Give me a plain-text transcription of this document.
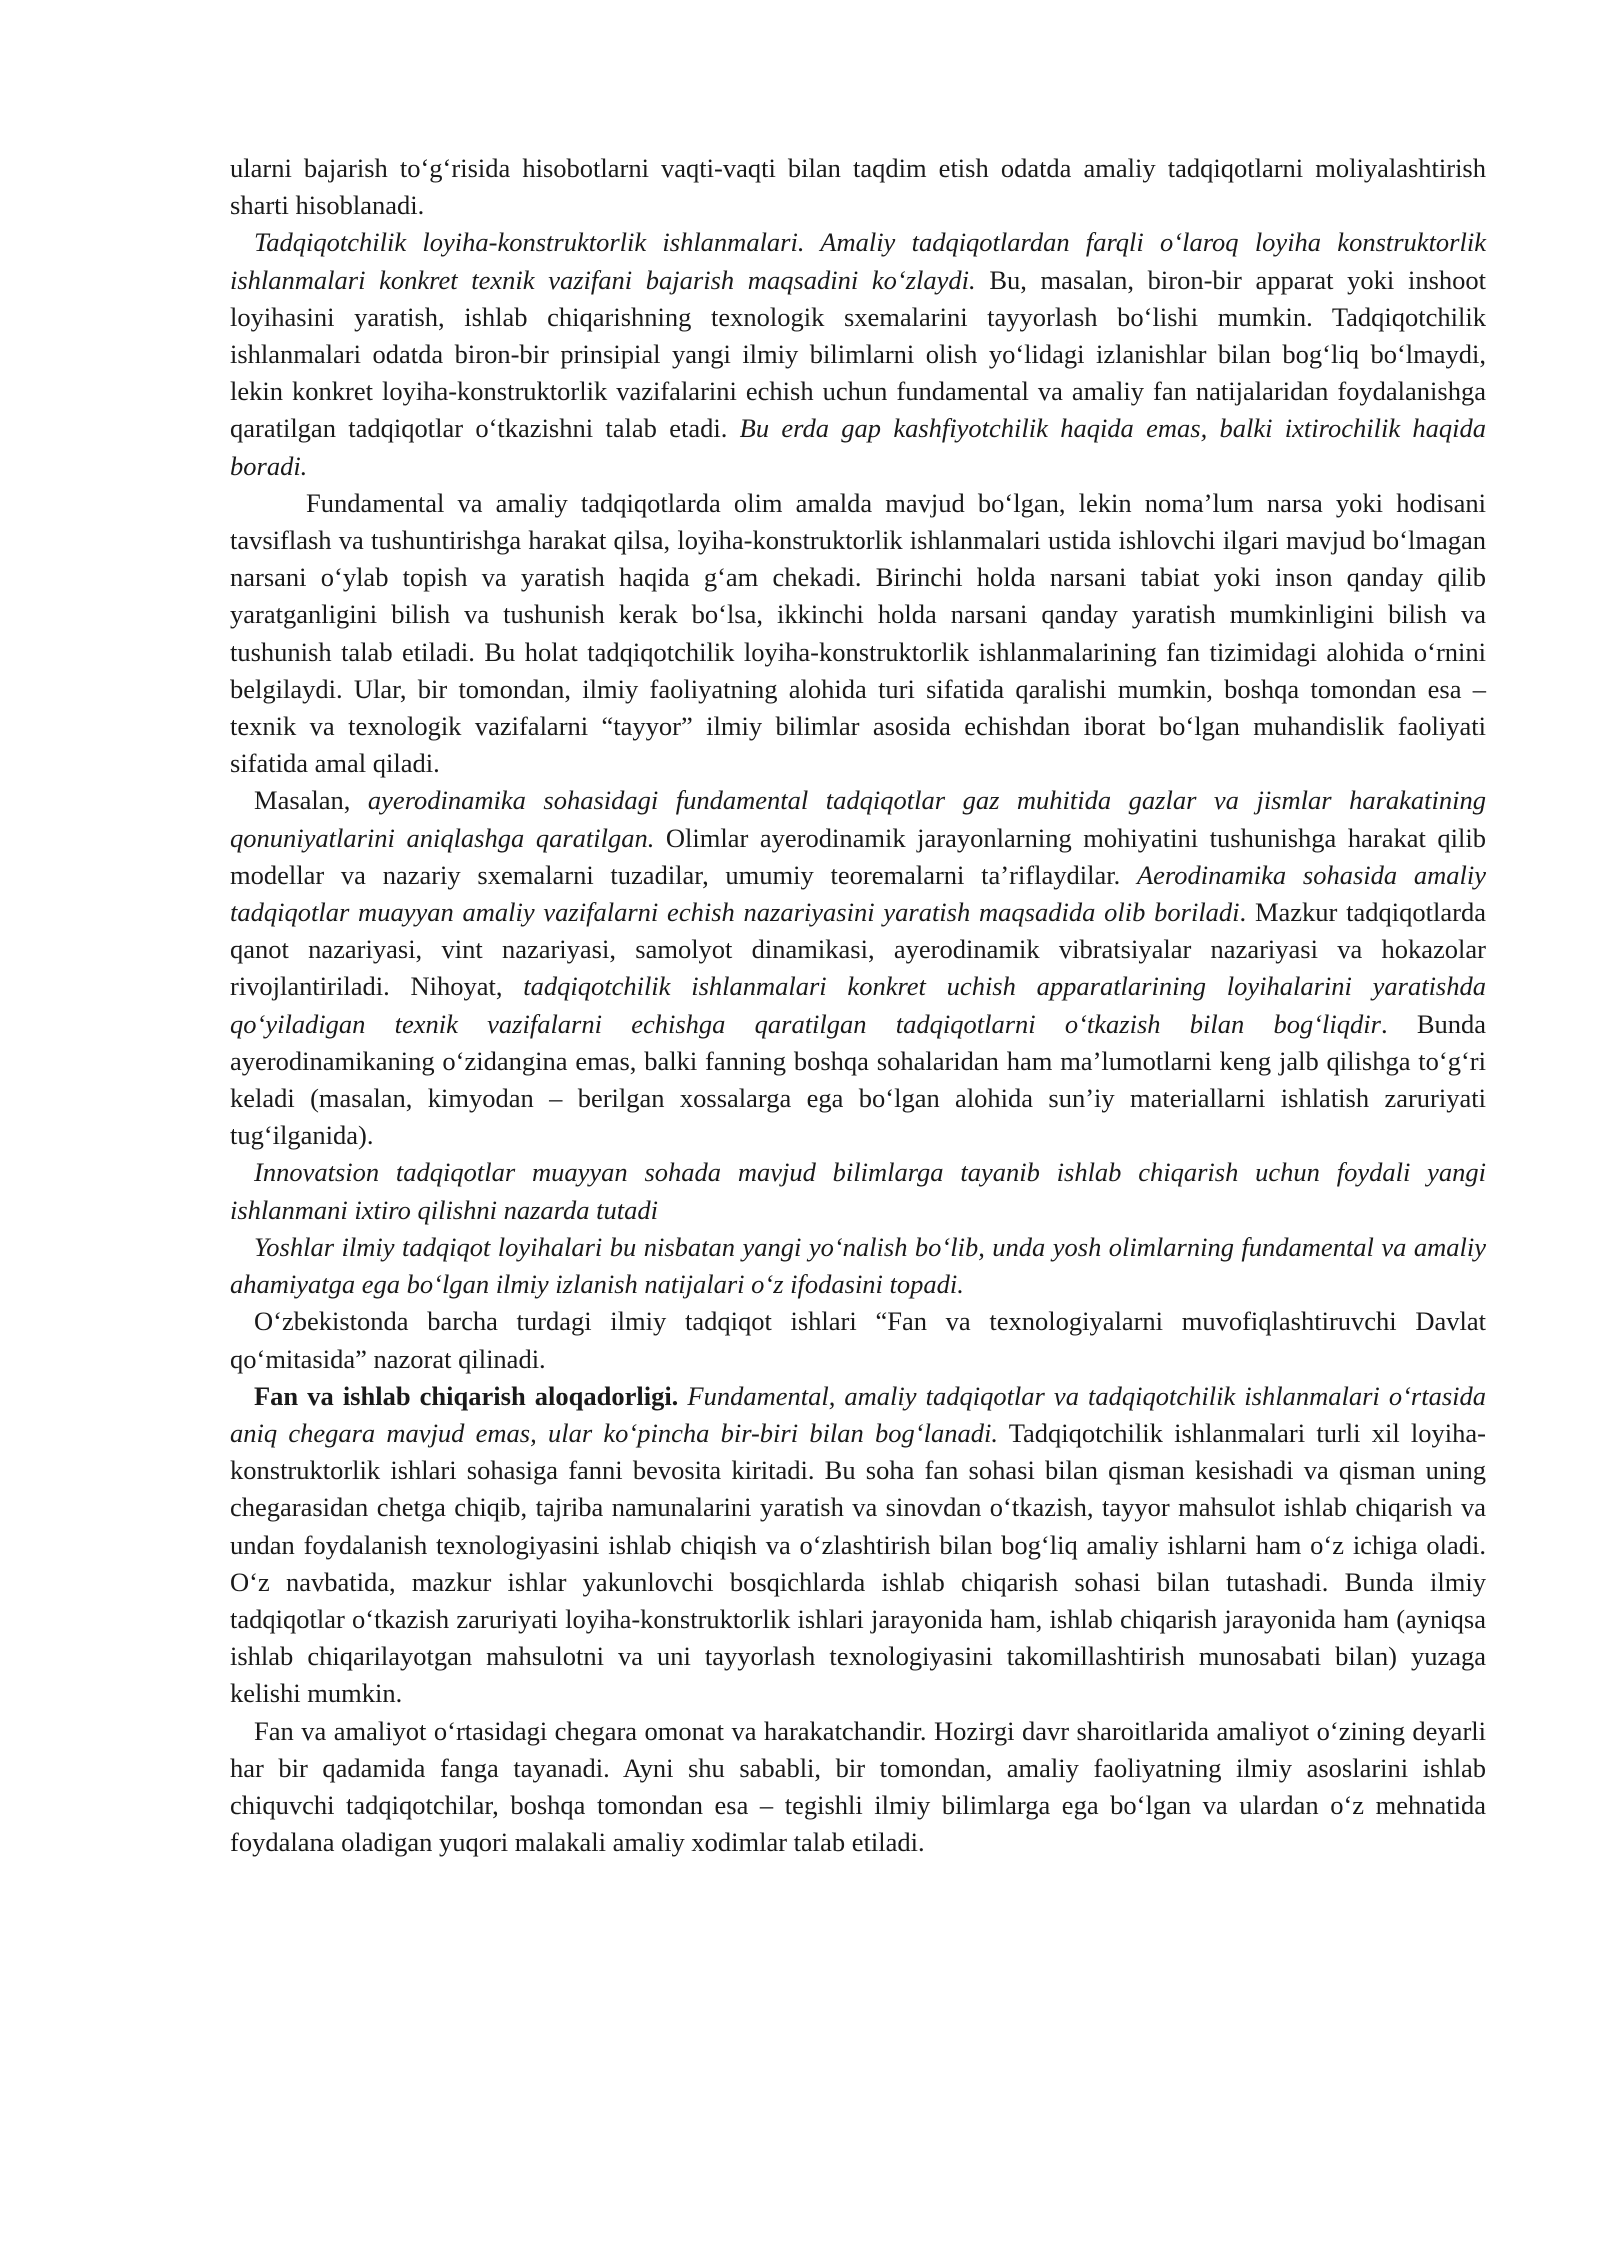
ularni bajarish to‘g‘risida hisobotlarni vaqti-vaqti bilan taqdim etish odatda amaliy tadqiqotlarni moliyalashtirish sharti hisoblanadi.

Tadqiqotchilik loyiha-konstruktorlik ishlanmalari. Amaliy tadqiqotlardan farqli o‘laroq loyiha konstruktorlik ishlanmalari konkret texnik vazifani bajarish maqsadini ko‘zlaydi. Bu, masalan, biron-bir apparat yoki inshoot loyihasini yaratish, ishlab chiqarishning texnologik sxemalarini tayyorlash bo‘lishi mumkin. Tadqiqotchilik ishlanmalari odatda biron-bir prinsipial yangi ilmiy bilimlarni olish yo‘lidagi izlanishlar bilan bog‘liq bo‘lmaydi, lekin konkret loyiha-konstruktorlik vazifalarini echish uchun fundamental va amaliy fan natijalaridan foydalanishga qaratilgan tadqiqotlar o‘tkazishni talab etadi. Bu erda gap kashfiyotchilik haqida emas, balki ixtirochilik haqida boradi.

Fundamental va amaliy tadqiqotlarda olim amalda mavjud bo‘lgan, lekin noma’lum narsa yoki hodisani tavsiflash va tushuntirishga harakat qilsa, loyiha-konstruktorlik ishlanmalari ustida ishlovchi ilgari mavjud bo‘lmagan narsani o‘ylab topish va yaratish haqida g‘am chekadi. Birinchi holda narsani tabiat yoki inson qanday qilib yaratganligini bilish va tushunish kerak bo‘lsa, ikkinchi holda narsani qanday yaratish mumkinligini bilish va tushunish talab etiladi. Bu holat tadqiqotchilik loyiha-konstruktorlik ishlanmalarining fan tizimidagi alohida o‘rnini belgilaydi. Ular, bir tomondan, ilmiy faoliyatning alohida turi sifatida qaralishi mumkin, boshqa tomondan esa – texnik va texnologik vazifalarni “tayyor” ilmiy bilimlar asosida echishdan iborat bo‘lgan muhandislik faoliyati sifatida amal qiladi.

Masalan, ayerodinamika sohasidagi fundamental tadqiqotlar gaz muhitida gazlar va jismlar harakatining qonuniyatlarini aniqlashga qaratilgan. Olimlar ayerodinamik jarayonlarning mohiyatini tushunishga harakat qilib modellar va nazariy sxemalarni tuzadilar, umumiy teoremalarni ta’riflaydilar. Aerodinamika sohasida amaliy tadqiqotlar muayyan amaliy vazifalarni echish nazariyasini yaratish maqsadida olib boriladi. Mazkur tadqiqotlarda qanot nazariyasi, vint nazariyasi, samolyot dinamikasi, ayerodinamik vibratsiyalar nazariyasi va hokazolar rivojlantiriladi. Nihoyat, tadqiqotchilik ishlanmalari konkret uchish apparatlarining loyihalarini yaratishda qo‘yiladigan texnik vazifalarni echishga qaratilgan tadqiqotlarni o‘tkazish bilan bog‘liqdir. Bunda ayerodinamikaning o‘zidangina emas, balki fanning boshqa sohalaridan ham ma’lumotlarni keng jalb qilishga to‘g‘ri keladi (masalan, kimyodan – berilgan xossalarga ega bo‘lgan alohida sun’iy materiallarni ishlatish zaruriyati tug‘ilganida).

Innovatsion tadqiqotlar muayyan sohada mavjud bilimlarga tayanib ishlab chiqarish uchun foydali yangi ishlanmani ixtiro qilishni nazarda tutadi

Yoshlar ilmiy tadqiqot loyihalari bu nisbatan yangi yo‘nalish bo‘lib, unda yosh olimlarning fundamental va amaliy ahamiyatga ega bo‘lgan ilmiy izlanish natijalari o‘z ifodasini topadi.

O‘zbekistonda barcha turdagi ilmiy tadqiqot ishlari “Fan va texnologiyalarni muvofiqlashtiruvchi Davlat qo‘mitasida” nazorat qilinadi.

Fan va ishlab chiqarish aloqadorligi. Fundamental, amaliy tadqiqotlar va tadqiqotchilik ishlanmalari o‘rtasida aniq chegara mavjud emas, ular ko‘pincha bir-biri bilan bog‘lanadi. Tadqiqotchilik ishlanmalari turli xil loyiha-konstruktorlik ishlari sohasiga fanni bevosita kiritadi. Bu soha fan sohasi bilan qisman kesishadi va qisman uning chegarasidan chetga chiqib, tajriba namunalarini yaratish va sinovdan o‘tkazish, tayyor mahsulot ishlab chiqarish va undan foydalanish texnologiyasini ishlab chiqish va o‘zlashtirish bilan bog‘liq amaliy ishlarni ham o‘z ichiga oladi. O‘z navbatida, mazkur ishlar yakunlovchi bosqichlarda ishlab chiqarish sohasi bilan tutashadi. Bunda ilmiy tadqiqotlar o‘tkazish zaruriyati loyiha-konstruktorlik ishlari jarayonida ham, ishlab chiqarish jarayonida ham (ayniqsa ishlab chiqarilayotgan mahsulotni va uni tayyorlash texnologiyasini takomillashtirish munosabati bilan) yuzaga kelishi mumkin.

Fan va amaliyot o‘rtasidagi chegara omonat va harakatchandir. Hozirgi davr sharoitlarida amaliyot o‘zining deyarli har bir qadamida fanga tayanadi. Ayni shu sababli, bir tomondan, amaliy faoliyatning ilmiy asoslarini ishlab chiquvchi tadqiqotchilar, boshqa tomondan esa – tegishli ilmiy bilimlarga ega bo‘lgan va ulardan o‘z mehnatida foydalana oladigan yuqori malakali amaliy xodimlar talab etiladi.
